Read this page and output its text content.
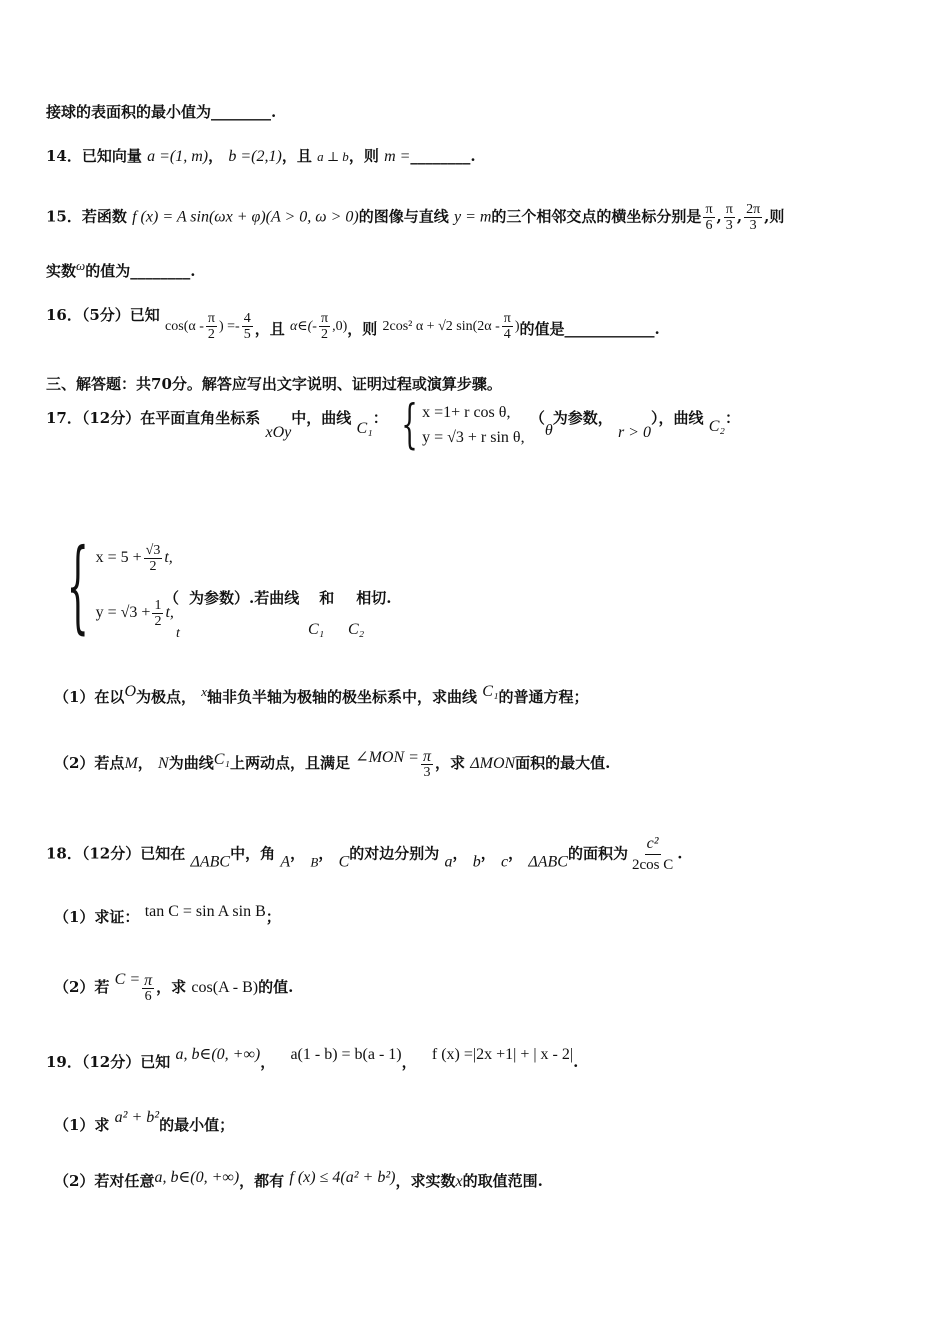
接球的表面积的最小值为________.
14．已知向量 a =(1, m)， b =(2,1)，且 a ⊥ b，则 m =________.
15．若函数 f (x) = A sin(ωx + φ)(A > 0, ω > 0)的图像与直线 y = m的三个相邻交点的横坐标分别是 $\frac{\pi}{6}$ , $\frac{\pi}{3}$ , $\frac{2\pi}{3}$ ,则
实数ω的值为________.
16．（5分）已知 $\cos(\alpha - \frac{\pi}{2}$ ) =- $\frac{4}{5}$ ，且 α∈(- $\frac{\pi}{2} ,0$)，则 2cos² α + √2 $\sin(2\alpha - \frac{\pi}{4}$ )的值是____________.
三、解答题：共70分。解答应写出文字说明、证明过程或演算步骤。
17．（12分）在平面直角坐标系 xOy中，曲线 C₁： { x =1+ r cos θ,
y = √3 + r sin θ,
（θ为参数， r > 0），曲线 C₂：
{ $x = 5 + \frac{√3}{2} t$,
$y = √3 + \frac{1}{2} t$,
（ 为参数）.若曲线 和 相切.
t	C₁ C₂
（1）在以O为极点， x轴非负半轴为极轴的极坐标系中，求曲线 C₁的普通方程；
（2）若点M， N为曲线C₁上两动点，且满足 ∠MON = $\frac{\pi}{3}$ ，求 ΔMON面积的最大值.
18．（12分）已知在 ΔABC中，角 A， B， C的对边分别为 a， b， c， ΔABC的面积为 $\frac{\text{c²}}{\text{2cos C}}$ .
（1）求证： tan C = sin A sin B；
（2）若 $C = \frac{\pi}{6}$ ，求 cos(A - B)的值.
19．（12分）已知 a, b∈(0, +∞)， a(1 - b) = b(a - 1)， f (x) =|2x +1| + | x - 2|.
（1）求 a² + b²的最小值；
（2）若对任意a, b∈(0, +∞)，都有 f (x) ≤ 4(a² + b²)，求实数x的取值范围.
